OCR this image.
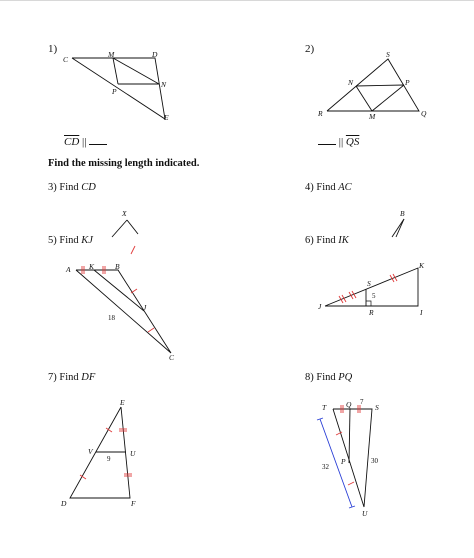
1)	2)
$\overline{CD}$ ||	|| $\overline{QS}$
Find the missing length indicated.
3) Find CD	4) Find AC
5) Find KJ	6) Find IK
7) Find DF	8) Find PQ
C
M	D
N
P
E
S
N	P
R	M	Q
X	B
A K	B
J
C
18
K
S
J
R	I
5
E
V	U
D	F
9
T	Q	S
P
U
7
32
30
